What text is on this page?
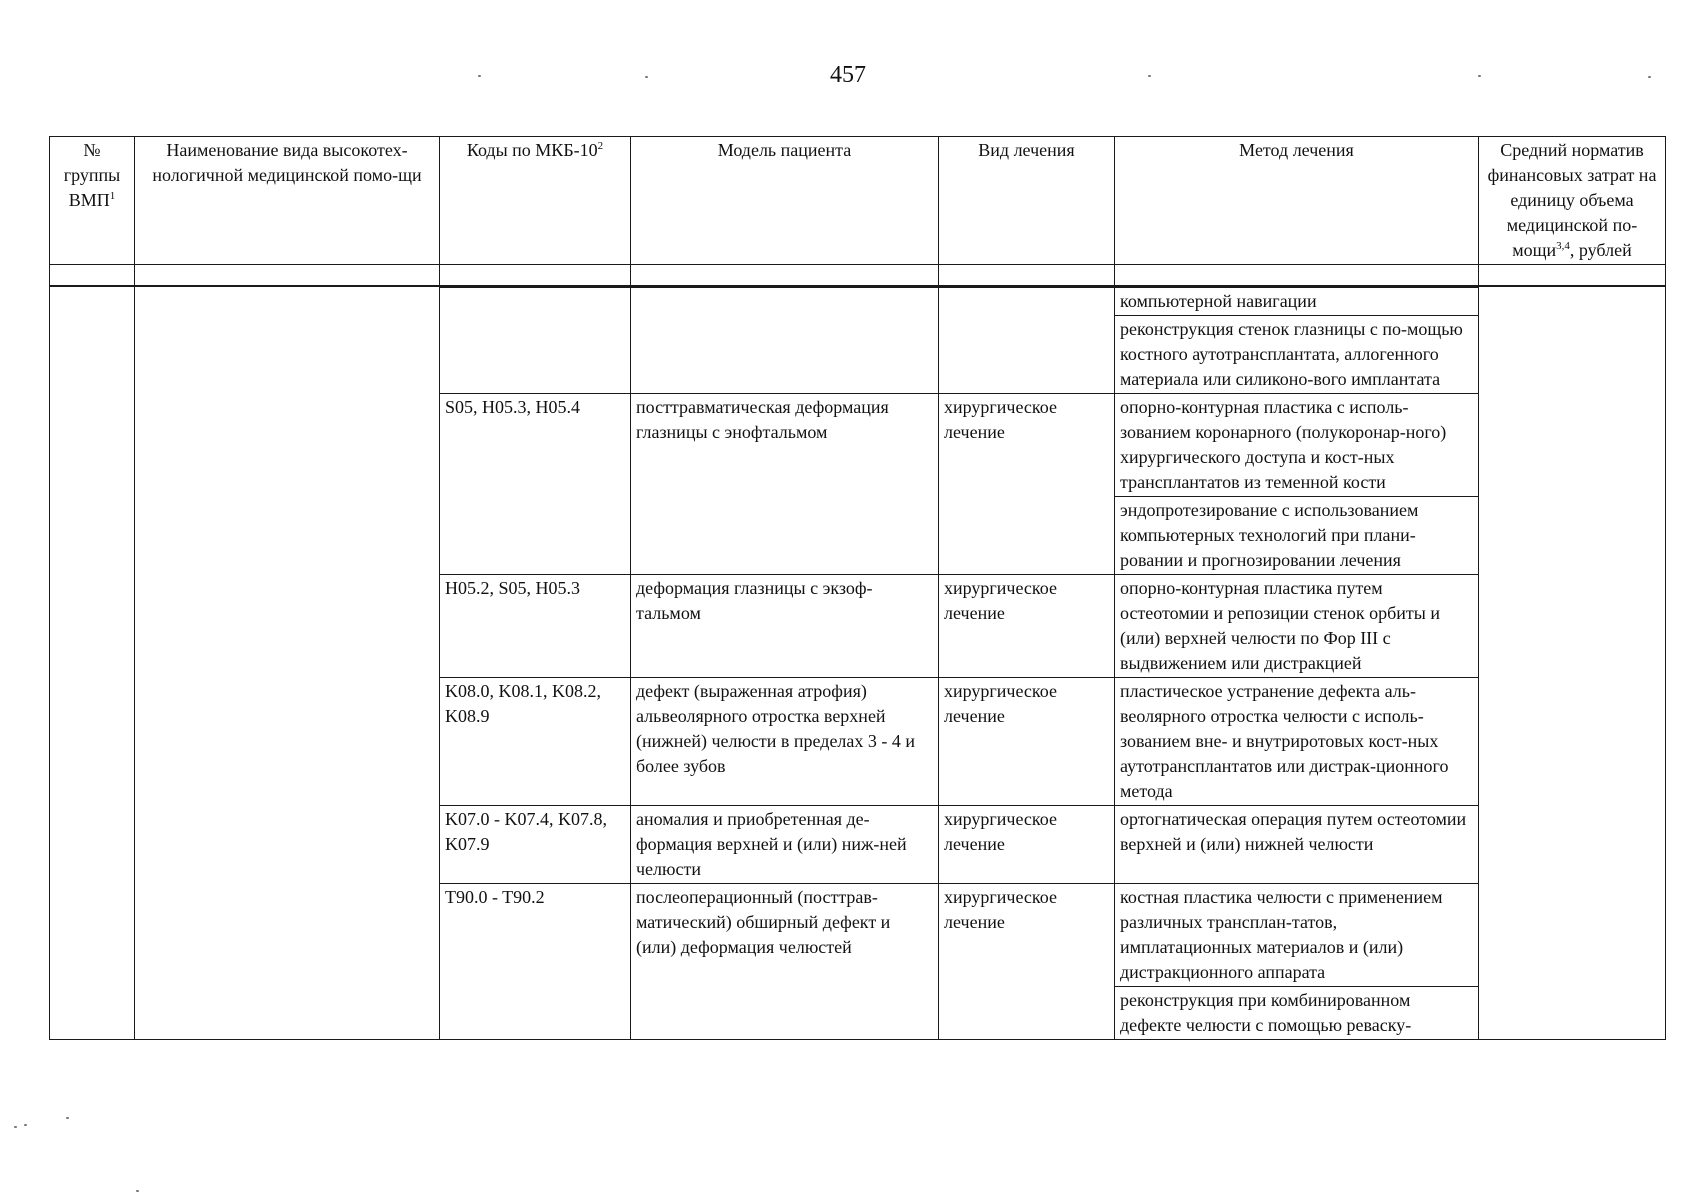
457
№ группы ВМП$^1$	Наименование вида высокотех-нологичной медицинской помо-щи	Коды по МКБ-$10^2$	Модель пациента	Вид лечения	Метод лечения	Средний норматив финансовых затрат на единицу объема медицинской по-мощи$^{3,4}$, рублей

					компьютерной навигации
реконструкция стенок глазницы с по-мощью костного аутотрансплантата, аллогенного материала или силиконо-вого имплантата	

		S05, H05.3, H05.4	посттравматическая деформация глазницы с энофтальмом	хирургическое лечение	опорно-контурная пластика с исполь-зованием коронарного (полукоронар-ного) хирургического доступа и кост-ных трансплантатов из теменной кости
эндопротезирование с использованием компьютерных технологий при плани-ровании и прогнозировании лечения	

		H05.2, S05, H05.3	деформация глазницы с экзоф-тальмом	хирургическое лечение	опорно-контурная пластика путем остеотомии и репозиции стенок орбиты и (или) верхней челюсти по Фор III с выдвижением или дистракцией	

		K08.0, K08.1, K08.2, K08.9	дефект (выраженная атрофия) альвеолярного отростка верхней (нижней) челюсти в пределах 3 - 4 и более зубов	хирургическое лечение	пластическое устранение дефекта аль-веолярного отростка челюсти с исполь-зованием вне- и внутриротовых кост-ных аутотрансплантатов или дистрак-ционного метода	

		K07.0 - K07.4, K07.8, K07.9	аномалия и приобретенная де-формация верхней и (или) ниж-ней челюсти	хирургическое лечение	ортогнатическая операция путем остеотомии верхней и (или) нижней челюсти	

		T90.0 - T90.2	послеоперационный (посттрав-матический) обширный дефект и (или) деформация челюстей	хирургическое лечение	костная пластика челюсти с применением различных трансплан-татов, имплатационных материалов и (или) дистракционного аппарата
реконструкция при комбинированном дефекте челюсти с помощью реваску-	
